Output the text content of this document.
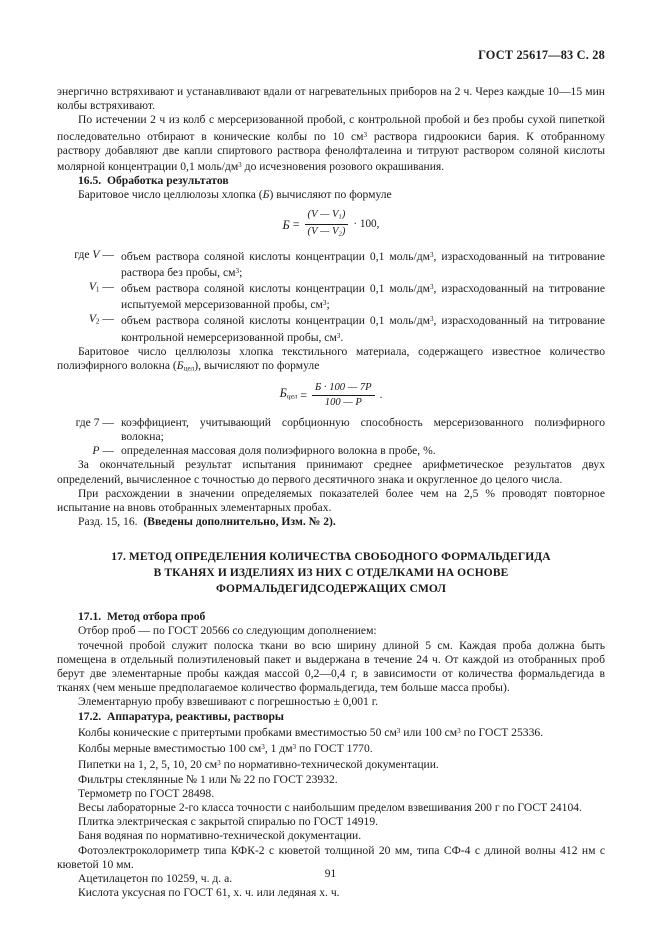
ГОСТ 25617—83 С. 28

энергично встряхивают и устанавливают вдали от нагревательных приборов на 2 ч. Через каждые 10—15 мин колбы встряхивают.

По истечении 2 ч из колб с мерсеризованной пробой, с контрольной пробой и без пробы сухой пипеткой последовательно отбирают в конические колбы по 10 $см^3$ раствора гидроокиси бария. К отобранному раствору добавляют две капли спиртового раствора фенолфталеина и титруют раствором соляной кислоты молярной концентрации 0,1 моль/$дм^3$ до исчезновения розового окрашивания.

16.5. Обработка результатов

Баритовое число целлюлозы хлопка (Б) вычисляют по формуле

$Б = \frac{(V — V_1)}{(V — V_2)} \cdot 100$,
где V — объем раствора соляной кислоты концентрации 0,1 моль/$дм^3$, израсходованный на титрование раствора без пробы, $см^3$;
$V_1$ — объем раствора соляной кислоты концентрации 0,1 моль/$дм^3$, израсходованный на титрование испытуемой мерсеризованной пробы, $см^3$;
$V_2$ — объем раствора соляной кислоты концентрации 0,1 моль/$дм^3$, израсходованный на титрование контрольной немерсеризованной пробы, $см^3$.

Баритовое число целлюлозы хлопка текстильного материала, содержащего известное количество полиэфирного волокна $(Б_{цел})$, вычисляют по формуле

$Б_{цел} = \frac{Б \cdot 100 — 7P}{100 — P}$ .
где 7 — коэффициент, учитывающий сорбционную способность мерсеризованного полиэфирного волокна;
P — определенная массовая доля полиэфирного волокна в пробе, %.

За окончательный результат испытания принимают среднее арифметическое результатов двух определений, вычисленное с точностью до первого десятичного знака и округленное до целого числа.

При расхождении в значении определяемых показателей более чем на 2,5 % проводят повторное испытание на вновь отобранных элементарных пробах.

Разд. 15, 16. (Введены дополнительно, Изм. № 2).

17. МЕТОД ОПРЕДЕЛЕНИЯ КОЛИЧЕСТВА СВОБОДНОГО ФОРМАЛЬДЕГИДА

В ТКАНЯХ И ИЗДЕЛИЯХ ИЗ НИХ С ОТДЕЛКАМИ НА ОСНОВЕ

ФОРМАЛЬДЕГИДСОДЕРЖАЩИХ СМОЛ

17.1. Метод отбора проб

Отбор проб — по ГОСТ 20566 со следующим дополнением:

точечной пробой служит полоска ткани во всю ширину длиной 5 см. Каждая проба должна быть помещена в отдельный полиэтиленовый пакет и выдержана в течение 24 ч. От каждой из отобранных проб берут две элементарные пробы каждая массой 0,2—0,4 г, в зависимости от количества формальдегида в тканях (чем меньше предполагаемое количество формальдегида, тем больше масса пробы).

Элементарную пробу взвешивают с погрешностью ± 0,001 г.

17.2. Аппаратура, реактивы, растворы

Колбы конические с притертыми пробками вместимостью 50 $см^3$ или 100 $см^3$ по ГОСТ 25336.

Колбы мерные вместимостью 100 $см^3$, 1 $дм^3$ по ГОСТ 1770.

Пипетки на 1, 2, 5, 10, 20 $см^3$ по нормативно-технической документации.

Фильтры стеклянные № 1 или № 22 по ГОСТ 23932.

Термометр по ГОСТ 28498.

Весы лабораторные 2-го класса точности с наибольшим пределом взвешивания 200 г по ГОСТ 24104.

Плитка электрическая с закрытой спиралью по ГОСТ 14919.

Баня водяная по нормативно-технической документации.

Фотоэлектроколориметр типа КФК-2 с кюветой толщиной 20 мм, типа СФ-4 с длиной волны 412 нм с кюветой 10 мм.

Ацетилацетон по 10259, ч. д. а.

Кислота уксусная по ГОСТ 61, х. ч. или ледяная х. ч.

91
